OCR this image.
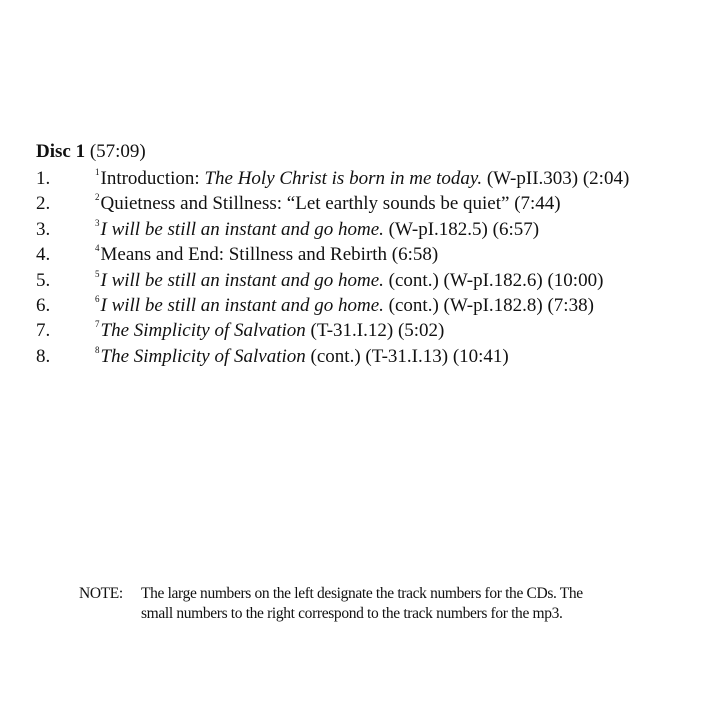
Disc 1 (57:09)
1.	$^1$Introduction: The Holy Christ is born in me today. (W-pII.303) (2:04)
2.	$^2$Quietness and Stillness: “Let earthly sounds be quiet” (7:44)
3.	$^3$I will be still an instant and go home. (W-pI.182.5) (6:57)
4.	$^4$Means and End: Stillness and Rebirth (6:58)
5.	$^5$I will be still an instant and go home. (cont.) (W-pI.182.6) (10:00)
6.	$^6$I will be still an instant and go home. (cont.) (W-pI.182.8) (7:38)
7.	$^7$The Simplicity of Salvation (T-31.I.12) (5:02)
8.	$^8$The Simplicity of Salvation (cont.) (T-31.I.13) (10:41)
NOTE: The large numbers on the left designate the track numbers for the CDs. The
small numbers to the right correspond to the track numbers for the mp3.
